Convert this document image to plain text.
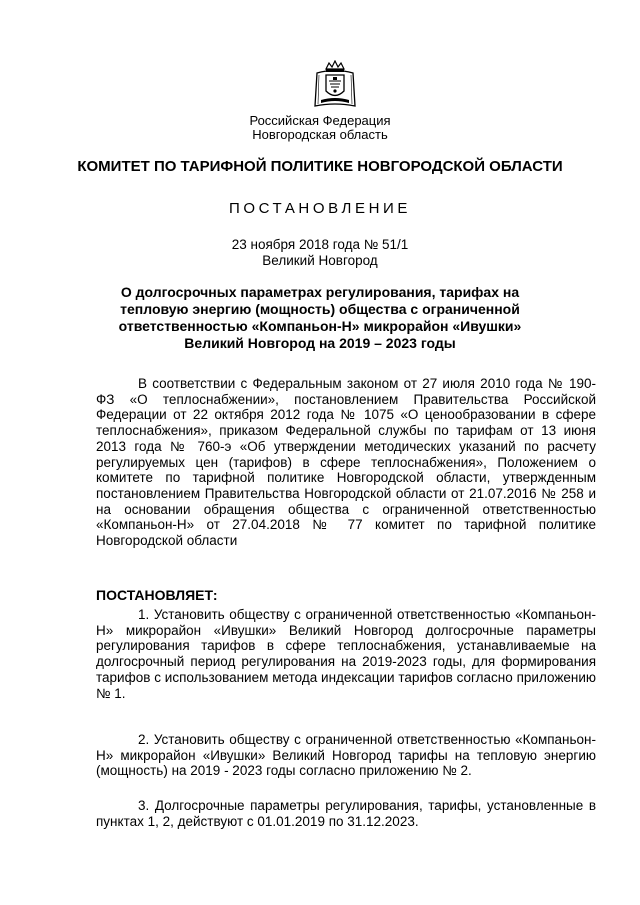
Российская Федерация
Новгородская область
КОМИТЕТ ПО ТАРИФНОЙ ПОЛИТИКЕ НОВГОРОДСКОЙ ОБЛАСТИ
ПОСТАНОВЛЕНИЕ
23 ноября 2018 года № 51/1
Великий Новгород
О долгосрочных параметрах регулирования, тарифах на
тепловую энергию (мощность) общества с ограниченной
ответственностью «Компаньон-Н» микрорайон «Ивушки»
Великий Новгород на 2019 – 2023 годы
В соответствии с Федеральным законом от 27 июля 2010 года № 190-ФЗ «О теплоснабжении», постановлением Правительства Российской Федерации от 22 октября 2012 года № 1075 «О ценообразовании в сфере теплоснабжения», приказом Федеральной службы по тарифам от 13 июня 2013 года № 760-э «Об утверждении методических указаний по расчету регулируемых цен (тарифов) в сфере теплоснабжения», Положением о комитете по тарифной политике Новгородской области, утвержденным постановлением Правительства Новгородской области от 21.07.2016 № 258 и на основании обращения общества с ограниченной ответственностью «Компаньон-Н» от 27.04.2018 № 77 комитет по тарифной политике Новгородской области
ПОСТАНОВЛЯЕТ:
1. Установить обществу с ограниченной ответственностью «Компаньон-Н» микрорайон «Ивушки» Великий Новгород долгосрочные параметры регулирования тарифов в сфере теплоснабжения, устанавливаемые на долгосрочный период регулирования на 2019-2023 годы, для формирования тарифов с использованием метода индексации тарифов согласно приложению № 1.
2. Установить обществу с ограниченной ответственностью «Компаньон-Н» микрорайон «Ивушки» Великий Новгород тарифы на тепловую энергию (мощность) на 2019 - 2023 годы согласно приложению № 2.
3. Долгосрочные параметры регулирования, тарифы, установленные в пунктах 1, 2, действуют с 01.01.2019 по 31.12.2023.
